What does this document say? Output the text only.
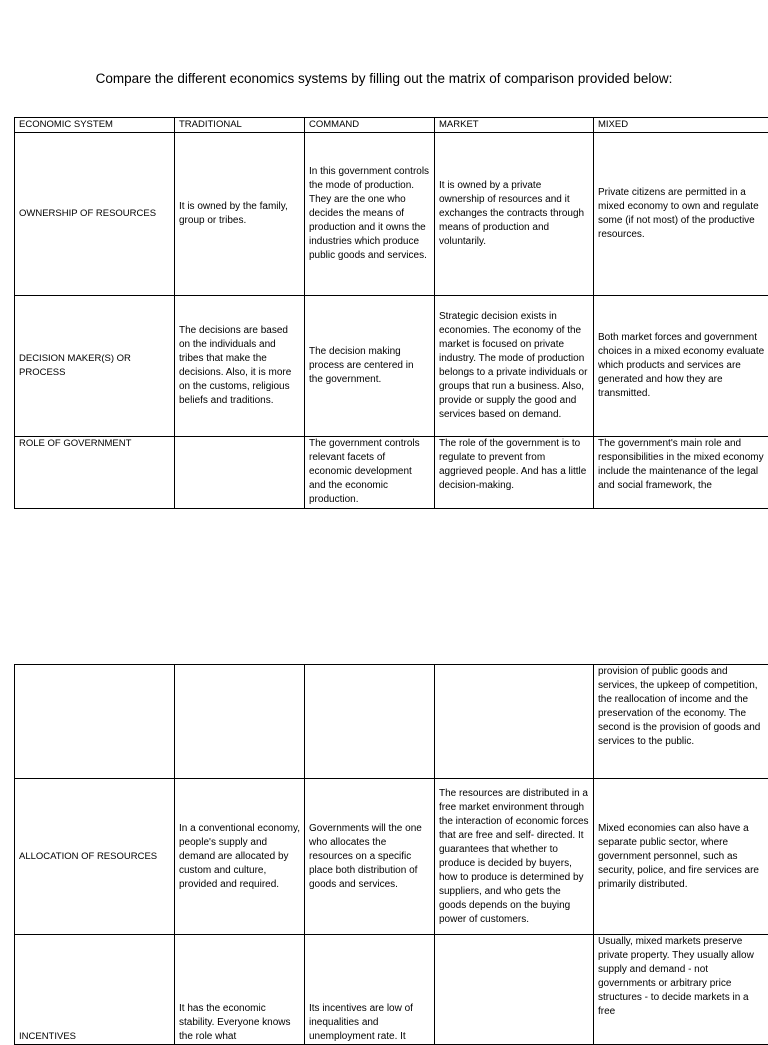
Compare the different economics systems by filling out the matrix of comparison provided below:
ECONOMIC SYSTEM	TRADITIONAL	COMMAND	MARKET	MIXED
OWNERSHIP OF RESOURCES	It is owned by the family, group or tribes.	In this government controls the mode of production. They are the one who decides the means of production and it owns the industries which produce public goods and services.	It is owned by a private ownership of resources and it exchanges the contracts through means of production and voluntarily.	Private citizens are permitted in a mixed economy to own and regulate some (if not most) of the productive resources.
DECISION MAKER(S) OR PROCESS	The decisions are based on the individuals and tribes that make the decisions. Also, it is more on the customs, religious beliefs and traditions.	The decision making process are centered in the government.	Strategic decision exists in economies. The economy of the market is focused on private industry. The mode of production belongs to a private individuals or groups that run a business. Also, provide or supply the good and services based on demand.	Both market forces and government choices in a mixed economy evaluate which products and services are generated and how they are transmitted.
ROLE OF GOVERNMENT		The government controls relevant facets of economic development and the economic production.	The role of the government is to regulate to prevent from aggrieved people. And has a little decision-making.	The government's main role and responsibilities in the mixed economy include the maintenance of the legal and social framework, the
				provision of public goods and services, the upkeep of competition, the reallocation of income and the preservation of the economy. The second is the provision of goods and services to the public.
ALLOCATION OF RESOURCES	In a conventional economy, people's supply and demand are allocated by custom and culture, provided and required.	Governments will the one who allocates the resources on a specific place both distribution of goods and services.	The resources are distributed in a free market environment through the interaction of economic forces that are free and self- directed. It guarantees that whether to produce is decided by buyers, how to produce is determined by suppliers, and who gets the goods depends on the buying power of customers.	Mixed economies can also have a separate public sector, where government personnel, such as security, police, and fire services are primarily distributed.
INCENTIVES	It has the economic stability. Everyone knows the role what	Its incentives are low of inequalities and unemployment rate. It		Usually, mixed markets preserve private property. They usually allow supply and demand - not governments or arbitrary price structures - to decide markets in a free
